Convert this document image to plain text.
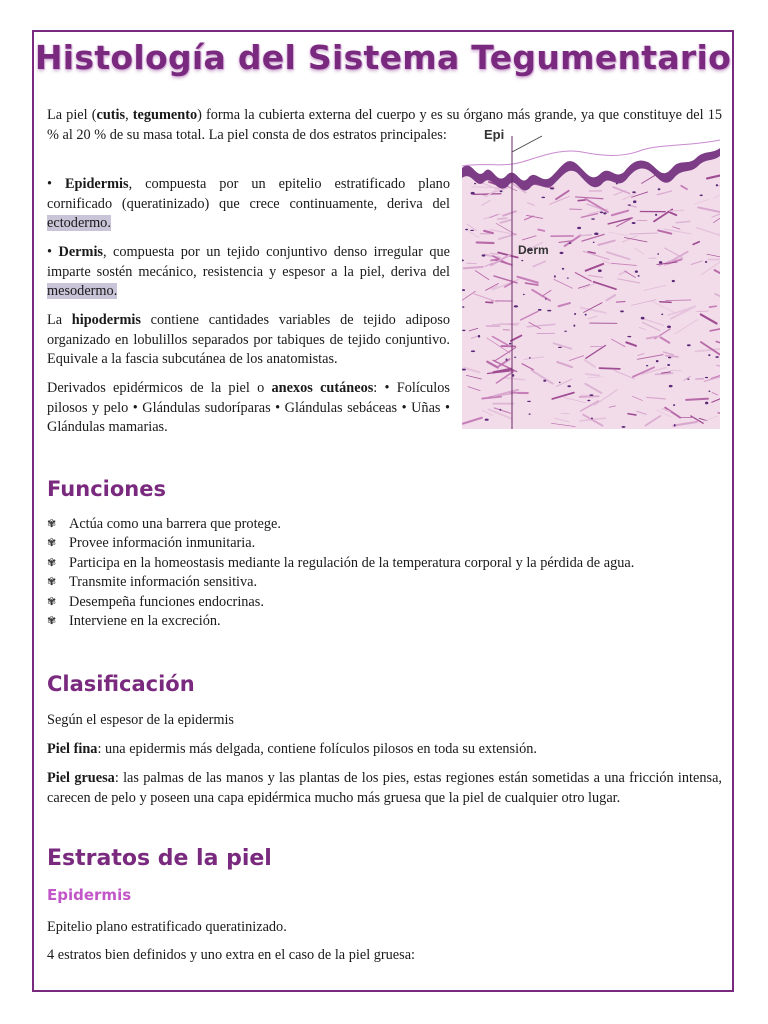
Histología del Sistema Tegumentario

La piel (cutis, tegumento) forma la cubierta externa del cuerpo y es su órgano más grande, ya que constituye del 15 % al 20 % de su masa total. La piel consta de dos estratos principales:

• Epidermis, compuesta por un epitelio estratificado plano cornificado (queratinizado) que crece continuamente, deriva del ectodermo.

• Dermis, compuesta por un tejido conjuntivo denso irregular que imparte sostén mecánico, resistencia y espesor a la piel, deriva del mesodermo.

La hipodermis contiene cantidades variables de tejido adiposo organizado en lobulillos separados por tabiques de tejido conjuntivo. Equivale a la fascia subcutánea de los anatomistas.

Derivados epidérmicos de la piel o anexos cutáneos: • Folículos pilosos y pelo • Glándulas sudoríparas • Glándulas sebáceas • Uñas • Glándulas mamarias.

Epi
Derm
Funciones
✾ Actúa como una barrera que protege.
✾ Provee información inmunitaria.
✾ Participa en la homeostasis mediante la regulación de la temperatura corporal y la pérdida de agua.
✾ Transmite información sensitiva.
✾ Desempeña funciones endocrinas.
✾ Interviene en la excreción.
Clasificación

Según el espesor de la epidermis

Piel fina: una epidermis más delgada, contiene folículos pilosos en toda su extensión.

Piel gruesa: las palmas de las manos y las plantas de los pies, estas regiones están sometidas a una fricción intensa, carecen de pelo y poseen una capa epidérmica mucho más gruesa que la piel de cualquier otro lugar.

Estratos de la piel
Epidermis

Epitelio plano estratificado queratinizado.

4 estratos bien definidos y uno extra en el caso de la piel gruesa:
